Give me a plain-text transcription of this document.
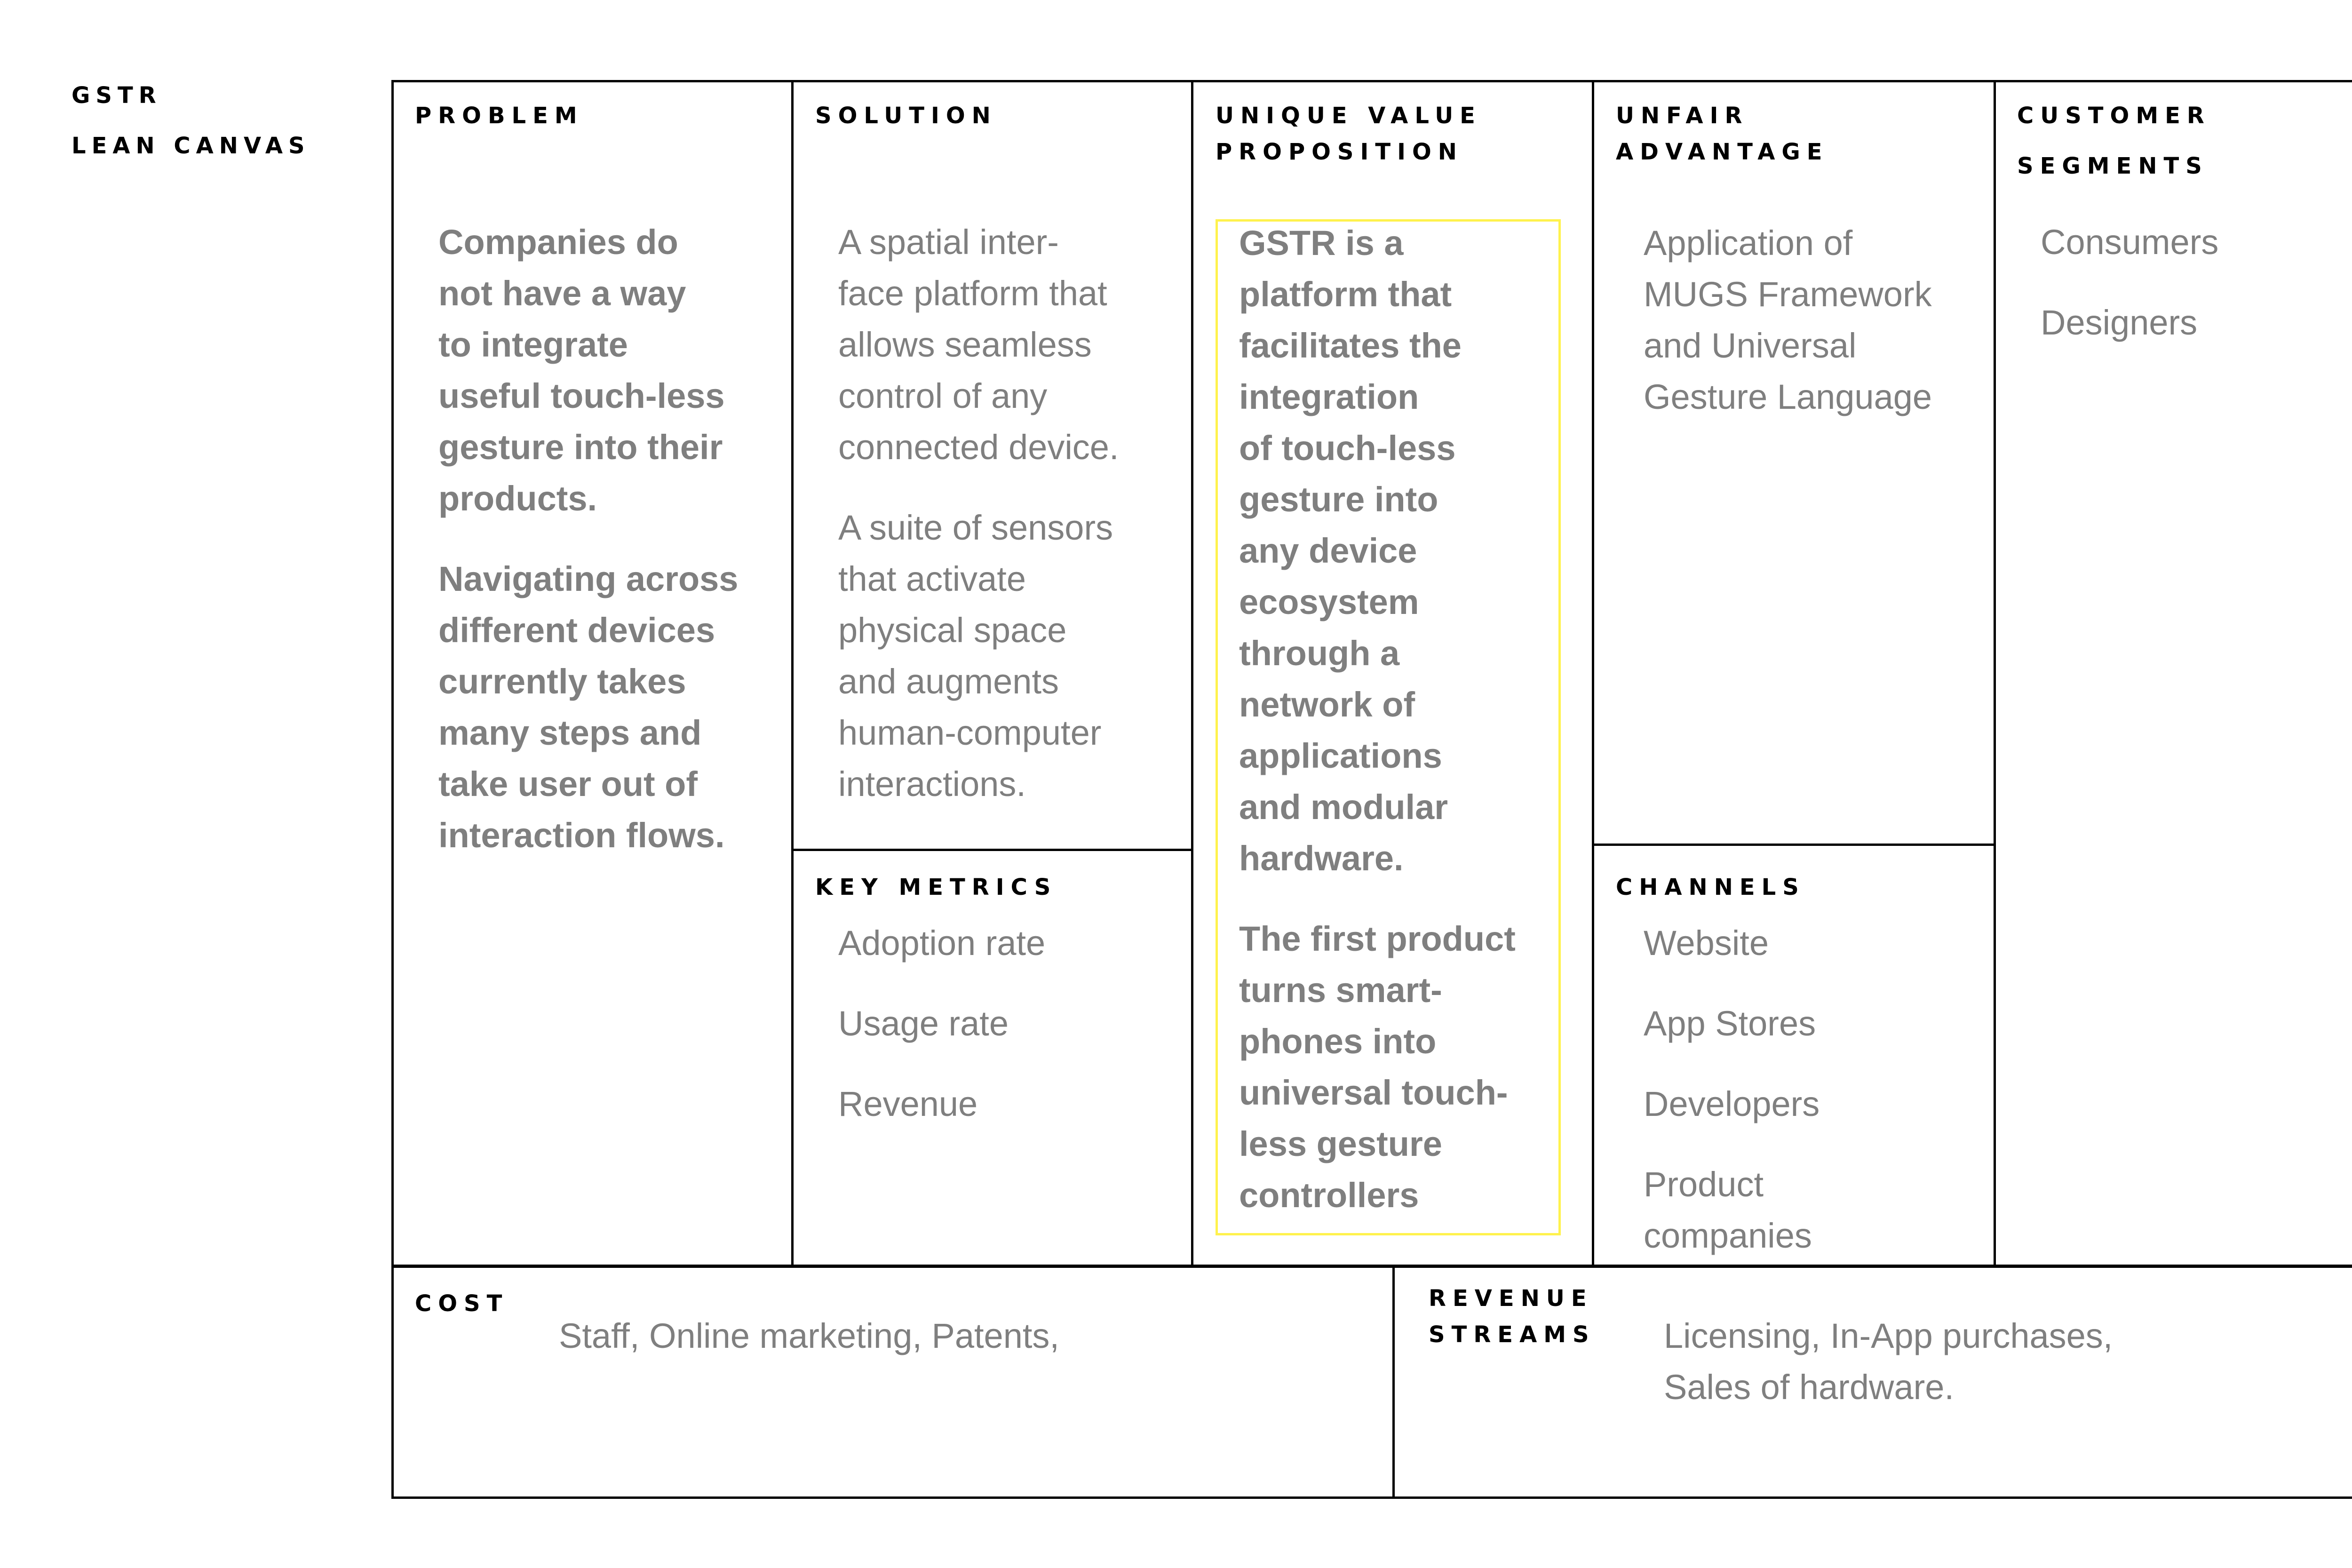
GSTR
LEAN CANVAS
PROBLEM

Companies do

not have a way

to integrate

useful touch-less

gesture into their

products.

Navigating across

different devices

currently takes

many steps and

take user out of

interaction flows.

SOLUTION

A spatial inter-

face platform that

allows seamless

control of any

connected device.

A suite of sensors

that activate

physical space

and augments

human-computer

interactions.

KEY METRICS

Adoption rate

Usage rate

Revenue

UNIQUE VALUE
PROPOSITION

GSTR is a

platform that

facilitates the

integration

of touch-less

gesture into

any device

ecosystem

through a

network of

applications

and modular

hardware.

The first product

turns smart-

phones into

universal touch-

less gesture

controllers

UNFAIR
ADVANTAGE

Application of

MUGS Framework

and Universal

Gesture Language

CHANNELS

Website

App Stores

Developers

Product

companies

CUSTOMER
SEGMENTS

Consumers

Designers

COST
Staff, Online marketing, Patents,
REVENUE
STREAMS Licensing, In-App purchases,

Sales of hardware.
